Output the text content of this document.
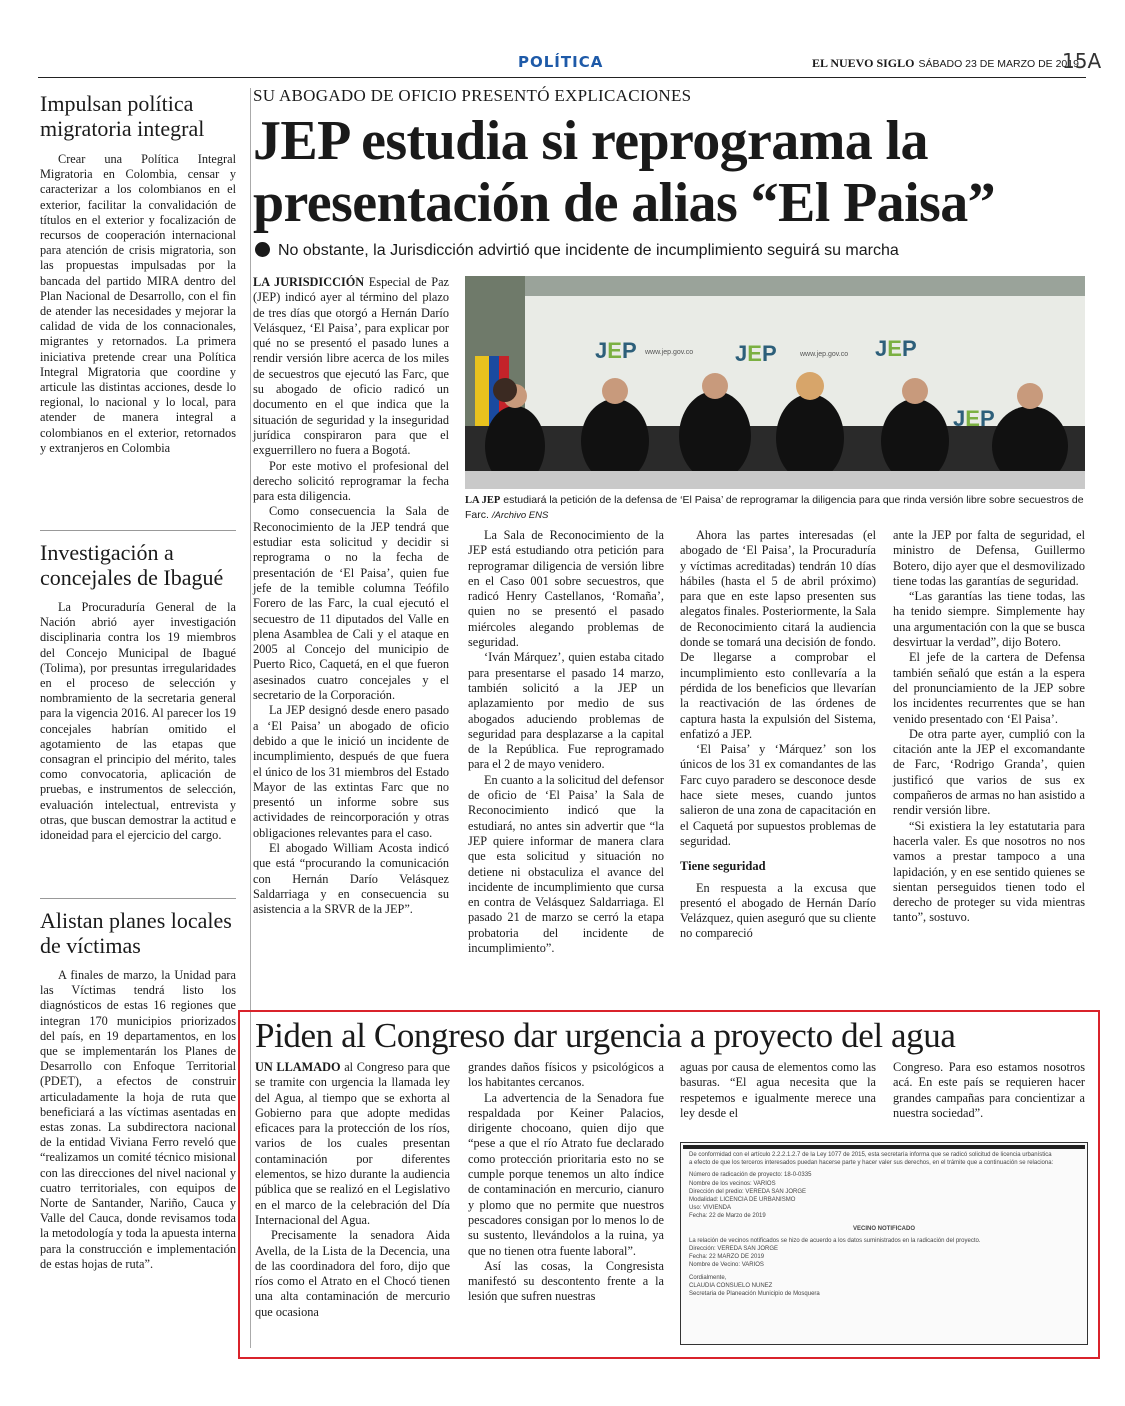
POLÍTICA	EL NUEVO SIGLO SÁBADO 23 DE MARZO DE 2019
15A
Impulsan política migratoria integral
Crear una Política Integral Migratoria en Colombia, censar y caracterizar a los colombianos en el exterior, facilitar la convalidación de títulos en el exterior y focalización de recursos de cooperación internacional para atención de crisis migratoria, son las propuestas impulsadas por la bancada del partido MIRA dentro del Plan Nacional de Desarrollo, con el fin de atender las necesidades y mejorar la calidad de vida de los connacionales, migrantes y retornados. La primera iniciativa pretende crear una Política Integral Migratoria que coordine y articule las distintas acciones, desde lo regional, lo nacional y lo local, para atender de manera integral a colombianos en el exterior, retornados y extranjeros en Colombia
Investigación a concejales de Ibagué
La Procuraduría General de la Nación abrió ayer investigación disciplinaria contra los 19 miembros del Concejo Municipal de Ibagué (Tolima), por presuntas irregularidades en el proceso de selección y nombramiento de la secretaria general para la vigencia 2016. Al parecer los 19 concejales habrían omitido el agotamiento de las etapas que consagran el principio del mérito, tales como convocatoria, aplicación de pruebas, e instrumentos de selección, evaluación intelectual, entrevista y otras, que buscan demostrar la actitud e idoneidad para el ejercicio del cargo.
Alistan planes locales de víctimas
A finales de marzo, la Unidad para las Víctimas tendrá listo los diagnósticos de estas 16 regiones que integran 170 municipios priorizados del país, en 19 departamentos, en los que se implementarán los Planes de Desarrollo con Enfoque Territorial (PDET), a efectos de construir articuladamente la hoja de ruta que beneficiará a las víctimas asentadas en estas zonas. La subdirectora nacional de la entidad Viviana Ferro reveló que “realizamos un comité técnico misional con las direcciones del nivel nacional y cuatro territoriales, con equipos de Norte de Santander, Nariño, Cauca y Valle del Cauca, donde revisamos toda la metodología y toda la apuesta interna para la construcción e implementación de estas hojas de ruta”.
SU ABOGADO DE OFICIO PRESENTÓ EXPLICACIONES
JEP estudia si reprograma la presentación de alias “El Paisa”
No obstante, la Jurisdicción advirtió que incidente de incumplimiento seguirá su marcha

LA JURISDICCIÓN Especial de Paz (JEP) indicó ayer al término del plazo de tres días que otorgó a Hernán Darío Velásquez, ‘El Paisa’, para explicar por qué no se presentó el pasado lunes a rendir versión libre acerca de los miles de secuestros que ejecutó las Farc, que su abogado de oficio radicó un documento en el que indica que la situación de seguridad y la inseguridad jurídica conspiraron para que el exguerrillero no fuera a Bogotá.

Por este motivo el profesional del derecho solicitó reprogramar la fecha para esta diligencia.

Como consecuencia la Sala de Reconocimiento de la JEP tendrá que estudiar esta solicitud y decidir si reprograma o no la fecha de presentación de ‘El Paisa’, quien fue jefe de la temible columna Teófilo Forero de las Farc, la cual ejecutó el secuestro de 11 diputados del Valle en plena Asamblea de Cali y el ataque en 2005 al Concejo del municipio de Puerto Rico, Caquetá, en el que fueron asesinados cuatro concejales y el secretario de la Corporación.

La JEP designó desde enero pasado a ‘El Paisa’ un abogado de oficio debido a que le inició un incidente de incumplimiento, después de que fuera el único de los 31 miembros del Estado Mayor de las extintas Farc que no presentó un informe sobre sus actividades de reincorporación y otras obligaciones relevantes para el caso.

El abogado William Acosta indicó que está “procurando la comunicación con Hernán Darío Velásquez Saldarriaga y en consecuencia su asistencia a la SRVR de la JEP”.

JEP	JEP	JEP
JEP
www.jep.gov.co	www.jep.gov.co
LA JEP estudiará la petición de la defensa de ‘El Paisa’ de reprogramar la diligencia para que rinda versión libre sobre secuestros de Farc. /Archivo ENS

La Sala de Reconocimiento de la JEP está estudiando otra petición para reprogramar diligencia de versión libre en el Caso 001 sobre secuestros, que radicó Henry Castellanos, ‘Romaña’, quien no se presentó el pasado miércoles alegando problemas de seguridad.

‘Iván Márquez’, quien estaba citado para presentarse el pasado 14 marzo, también solicitó a la JEP un aplazamiento por medio de sus abogados aduciendo problemas de seguridad para desplazarse a la capital de la República. Fue reprogramado para el 2 de mayo venidero.

En cuanto a la solicitud del defensor de oficio de ‘El Paisa’ la Sala de Reconocimiento indicó que la estudiará, no antes sin advertir que “la JEP quiere informar de manera clara que esta solicitud y situación no detiene ni obstaculiza el avance del incidente de incumplimiento que cursa en contra de Velásquez Saldarriaga. El pasado 21 de marzo se cerró la etapa probatoria del incidente de incumplimiento”.

Ahora las partes interesadas (el abogado de ‘El Paisa’, la Procuraduría y víctimas acreditadas) tendrán 10 días hábiles (hasta el 5 de abril próximo) para que en este lapso presenten sus alegatos finales. Posteriormente, la Sala de Reconocimiento citará la audiencia donde se tomará una decisión de fondo. De llegarse a comprobar el incumplimiento esto conllevaría a la pérdida de los beneficios que llevarían la reactivación de las órdenes de captura hasta la expulsión del Sistema, enfatizó a JEP.

‘El Paisa’ y ‘Márquez’ son los únicos de los 31 ex comandantes de las Farc cuyo paradero se desconoce desde hace siete meses, cuando juntos salieron de una zona de capacitación en el Caquetá por supuestos problemas de seguridad.

Tiene seguridad

En respuesta a la excusa que presentó el abogado de Hernán Darío Velázquez, quien aseguró que su cliente no compareció

ante la JEP por falta de seguridad, el ministro de Defensa, Guillermo Botero, dijo ayer que el desmovilizado tiene todas las garantías de seguridad.

“Las garantías las tiene todas, las ha tenido siempre. Simplemente hay una argumentación con la que se busca desvirtuar la verdad”, dijo Botero.

El jefe de la cartera de Defensa también señaló que están a la espera del pronunciamiento de la JEP sobre los incidentes recurrentes que se han venido presentado con ‘El Paisa’.

De otra parte ayer, cumplió con la citación ante la JEP el excomandante de Farc, ‘Rodrigo Granda’, quien justificó que varios de sus ex compañeros de armas no han asistido a rendir versión libre.

“Si existiera la ley estatutaria para hacerla valer. Es que nosotros no nos vamos a prestar tampoco a una lapidación, y en ese sentido quienes se sientan perseguidos tienen todo el derecho de proteger su vida mientras tanto”, sostuvo.

Piden al Congreso dar urgencia a proyecto del agua

UN LLAMADO al Congreso para que se tramite con urgencia la llamada ley del Agua, al tiempo que se exhorta al Gobierno para que adopte medidas eficaces para la protección de los ríos, varios de los cuales presentan contaminación por diferentes elementos, se hizo durante la audiencia pública que se realizó en el Legislativo en el marco de la celebración del Día Internacional del Agua.

Precisamente la senadora Aida Avella, de la Lista de la Decencia, una de las coordinadora del foro, dijo que ríos como el Atrato en el Chocó tienen una alta contaminación de mercurio que ocasiona

grandes daños físicos y psicológicos a los habitantes cercanos.

La advertencia de la Senadora fue respaldada por Keiner Palacios, dirigente chocoano, quien dijo que “pese a que el río Atrato fue declarado como protección prioritaria esto no se cumple porque tenemos un alto índice de contaminación en mercurio, cianuro y plomo que no permite que nuestros pescadores consigan por lo menos lo de su sustento, llevándolos a la ruina, ya que no tienen otra fuente laboral”.

Así las cosas, la Congresista manifestó su descontento frente a la lesión que sufren nuestras

aguas por causa de elementos como las basuras. “El agua necesita que la respetemos e igualmente merece una ley desde el

Congreso. Para eso estamos nosotros acá. En este país se requieren hacer grandes campañas para concientizar a nuestra sociedad”.

De conformidad con el artículo 2.2.2.1.2.7 de la Ley 1077 de 2015, esta secretaría informa que se radicó solicitud de licencia urbanística
a efecto de que los terceros interesados puedan hacerse parte y hacer valer sus derechos, en el trámite que a continuación se relaciona:
Número de radicación de proyecto: 18-0-0335
Nombre de los vecinos: VARIOS
Dirección del predio: VEREDA SAN JORGE
Modalidad: LICENCIA DE URBANISMO
Uso: VIVIENDA
Fecha: 22 de Marzo de 2019
VECINO NOTIFICADO
La relación de vecinos notificados se hizo de acuerdo a los datos suministrados en la radicación del proyecto.
Dirección: VEREDA SAN JORGE
Fecha: 22 MARZO DE 2019
Nombre de Vecino: VARIOS
Cordialmente,
CLAUDIA CONSUELO NÚÑEZ
Secretaria de Planeación Municipio de Mosquera
